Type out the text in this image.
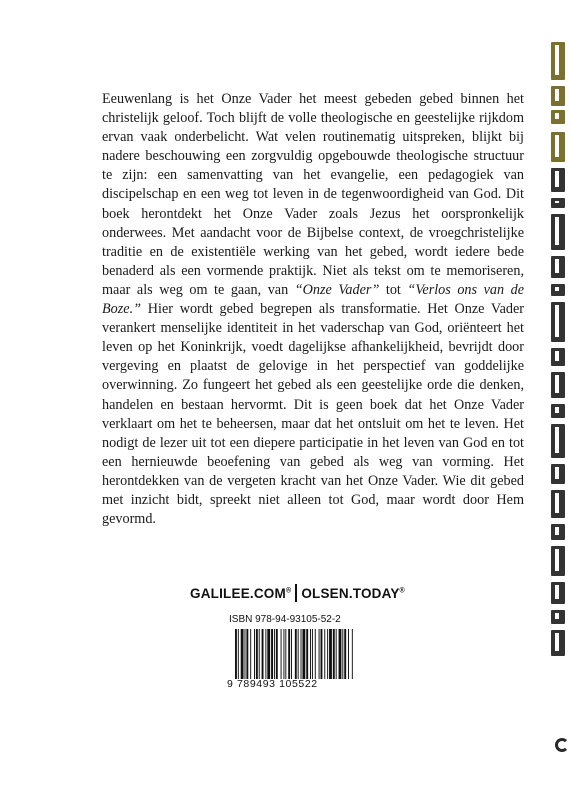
Eeuwenlang is het Onze Vader het meest gebeden gebed binnen het christelijk geloof. Toch blijft de volle theologische en geestelijke rijkdom ervan vaak onderbelicht. Wat velen routinematig uitspreken, blijkt bij nadere beschouwing een zorgvuldig opgebouwde theologische structuur te zijn: een samenvatting van het evangelie, een pedagogiek van discipelschap en een weg tot leven in de tegenwoordigheid van God. Dit boek herontdekt het Onze Vader zoals Jezus het oorspronkelijk onderwees. Met aandacht voor de Bijbelse context, de vroegchristelijke traditie en de existentiële werking van het gebed, wordt iedere bede benaderd als een vormende praktijk. Niet als tekst om te memoriseren, maar als weg om te gaan, van “Onze Vader” tot “Verlos ons van de Boze.” Hier wordt gebed begrepen als transformatie. Het Onze Vader verankert menselijke identiteit in het vaderschap van God, oriënteert het leven op het Koninkrijk, voedt dagelijkse afhankelijkheid, bevrijdt door vergeving en plaatst de gelovige in het perspectief van goddelijke overwinning. Zo fungeert het gebed als een geestelijke orde die denken, handelen en bestaan hervormt. Dit is geen boek dat het Onze Vader verklaart om het te beheersen, maar dat het ontsluit om het te leven. Het nodigt de lezer uit tot een diepere participatie in het leven van God en tot een hernieuwde beoefening van gebed als weg van vorming. Het herontdekken van de vergeten kracht van het Onze Vader. Wie dit gebed met inzicht bidt, spreekt niet alleen tot God, maar wordt door Hem gevormd.

GALILEE.COM® OLSEN.TODAY®
ISBN 978-94-93105-52-2
9 789493 105522
